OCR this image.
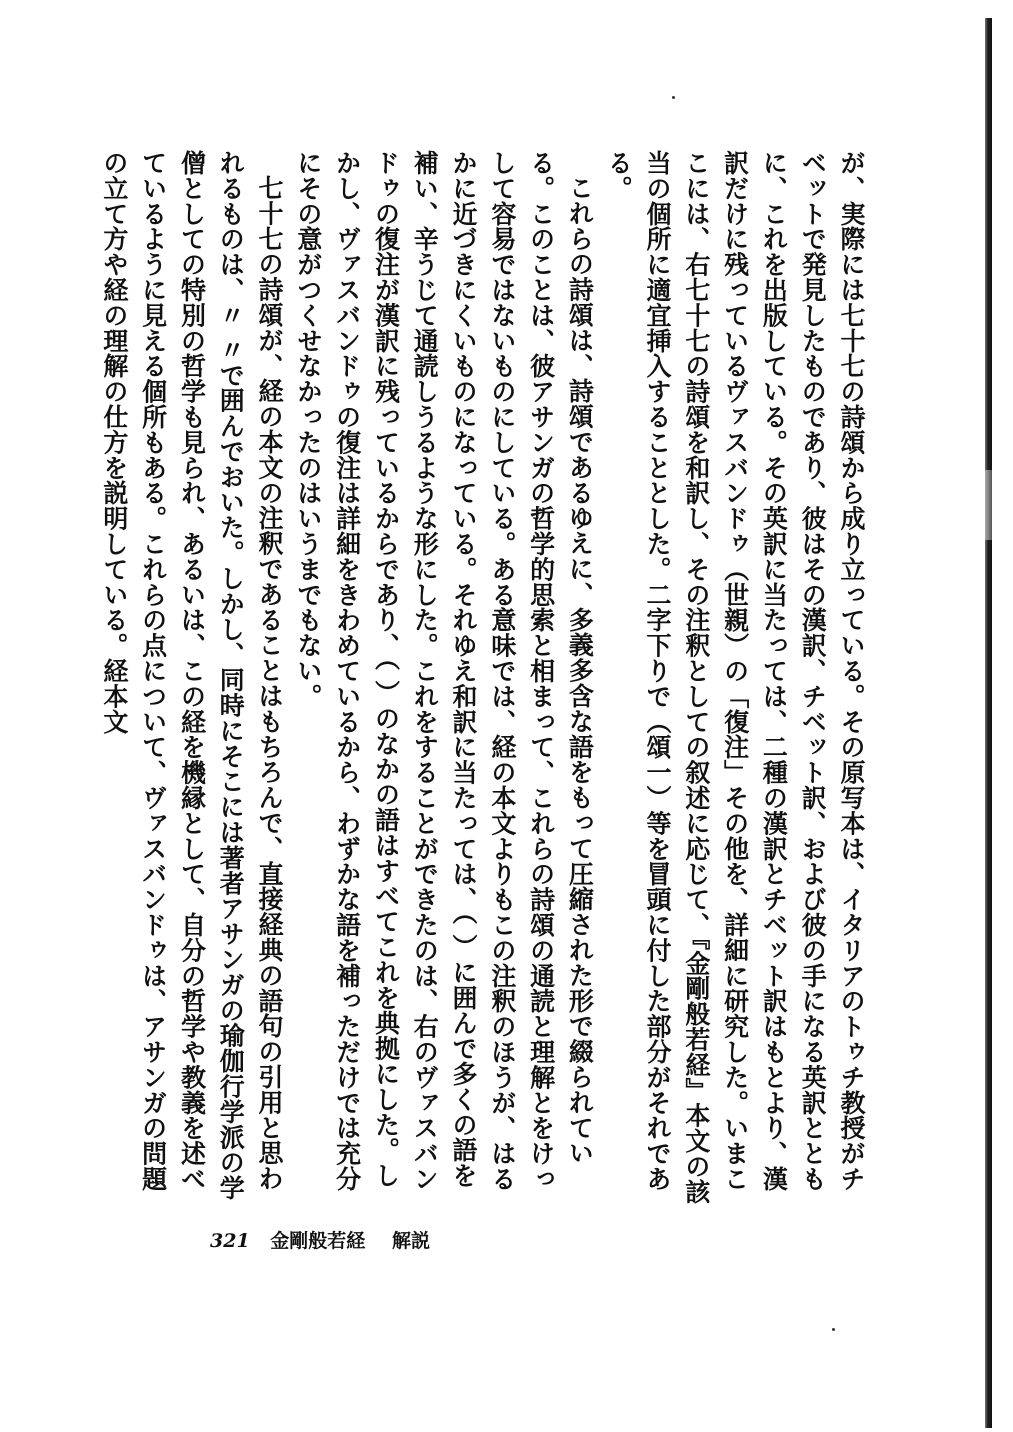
が、実際には七十七の詩頌から成り立っている。その原写本は、イタリアのトゥチ教授がチベットで発見したものであり、彼はその漢訳、チベット訳、および彼の手になる英訳とともに、これを出版している。その英訳に当たっては、二種の漢訳とチベット訳はもとより、漢訳だけに残っているヴァスバンドゥ（世親）の「復注」その他を、詳細に研究した。いまここには、右七十七の詩頌を和訳し、その注釈としての叙述に応じて、『金剛般若経』本文の該当の個所に適宜挿入することとした。二字下りで（頌一）等を冒頭に付した部分がそれである。

これらの詩頌は、詩頌であるゆえに、多義多含な語をもって圧縮された形で綴られている。このことは、彼アサンガの哲学的思索と相まって、これらの詩頌の通読と理解とをけっして容易ではないものにしている。ある意味では、経の本文よりもこの注釈のほうが、はるかに近づきにくいものになっている。それゆえ和訳に当たっては、（ ）に囲んで多くの語を補い、辛うじて通読しうるような形にした。これをすることができたのは、右のヴァスバンドゥの復注が漢訳に残っているからであり、（ ）のなかの語はすべてこれを典拠にした。しかし、ヴァスバンドゥの復注は詳細をきわめているから、わずかな語を補っただけでは充分にその意がつくせなかったのはいうまでもない。

七十七の詩頌が、経の本文の注釈であることはもちろんで、直接経典の語句の引用と思われるものは、〃 〃で囲んでおいた。しかし、同時にそこには著者アサンガの瑜伽行学派の学僧としての特別の哲学も見られ、あるいは、この経を機縁として、自分の哲学や教義を述べているように見える個所もある。これらの点について、ヴァスバンドゥは、アサンガの問題の立て方や経の理解の仕方を説明している。経本文

321 金剛般若経 解説
